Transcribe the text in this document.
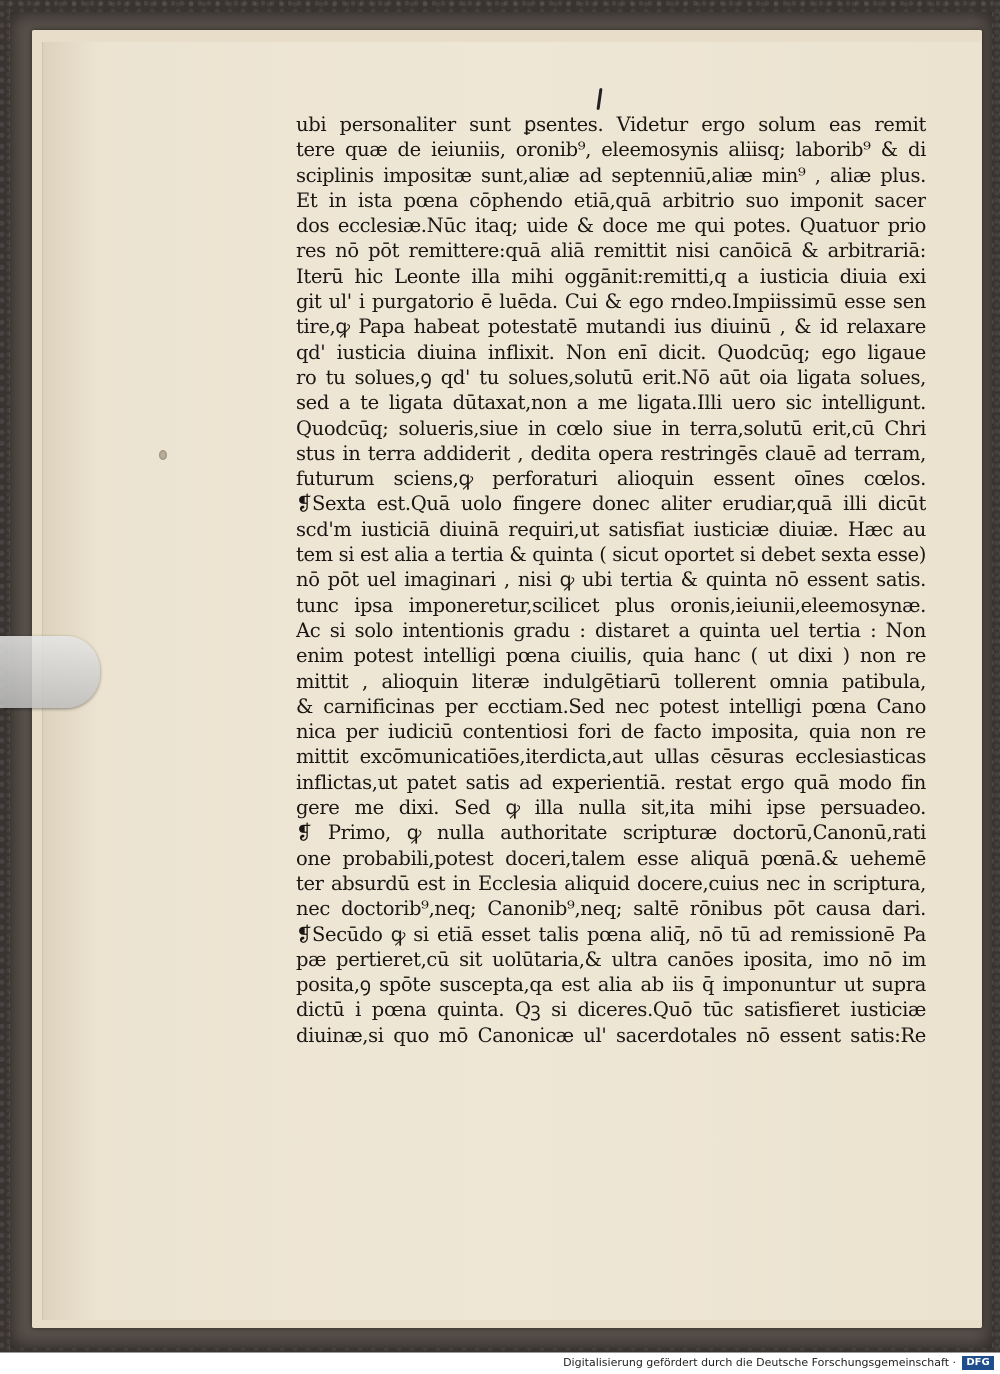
ubi personaliter sunt ꝑsentes. Videtur ergo solum eas remit
tere quæ de ieiuniis, oronib⁹, eleemosynis aliisq; laborib⁹ & di
sciplinis impositæ sunt,aliæ ad septenniū,aliæ min⁹ , aliæ plus.
Et in ista pœna cōphendo etiā,quā arbitrio suo imponit sacer
dos ecclesiæ.Nūc itaq; uide & doce me qui potes. Quatuor prio
res nō pōt remittere:quā aliā remittit nisi canōicā & arbitrariā:
Iterū hic Leonte illa mihi oggānit:remitti,q a iusticia diuia exi
git ul' i purgatorio ē luēda. Cui & ego rndeo.Impiissimū esse sen
tire,ꝙ Papa habeat potestatē mutandi ius diuinū , & id relaxare
qd' iusticia diuina inflixit. Non enī dicit. Quodcūq; ego ligaue
ro tu solues,ꝯ qd' tu solues,solutū erit.Nō aūt oia ligata solues,
sed a te ligata dūtaxat,non a me ligata.Illi uero sic intelligunt.
Quodcūq; solueris,siue in cœlo siue in terra,solutū erit,cū Chri
stus in terra addiderit , dedita opera restringēs clauē ad terram,
futurum sciens,ꝙ perforaturi alioquin essent oīnes cœlos.
❡Sexta est.Quā uolo fingere donec aliter erudiar,quā illi dicūt
scd'm iusticiā diuinā requiri,ut satisfiat iusticiæ diuiæ. Hæc au
tem si est alia a tertia & quinta ( sicut oportet si debet sexta esse)
nō pōt uel imaginari , nisi ꝙ ubi tertia & quinta nō essent satis.
tunc ipsa imponeretur,scilicet plus oronis,ieiunii,eleemosynæ.
Ac si solo intentionis gradu : distaret a quinta uel tertia : Non
enim potest intelligi pœna ciuilis, quia hanc ( ut dixi ) non re
mittit , alioquin literæ indulgētiarū tollerent omnia patibula,
& carnificinas per ecctiam.Sed nec potest intelligi pœna Cano
nica per iudiciū contentiosi fori de facto imposita, quia non re
mittit excōmunicatiōes,iterdicta,aut ullas cēsuras ecclesiasticas
inflictas,ut patet satis ad experientiā. restat ergo quā modo fin
gere me dixi. Sed ꝙ illa nulla sit,ita mihi ipse persuadeo.
❡ Primo, ꝙ nulla authoritate scripturæ doctorū,Canonū,rati
one probabili,potest doceri,talem esse aliquā pœnā.& uehemē
ter absurdū est in Ecclesia aliquid docere,cuius nec in scriptura,
nec doctorib⁹,neq; Canonib⁹,neq; saltē rōnibus pōt causa dari.
❡Secūdo ꝙ si etiā esset talis pœna aliq̄, nō tū ad remissionē Pa
pæ pertieret,cū sit uolūtaria,& ultra canōes iposita, imo nō im
posita,ꝯ spōte suscepta,qa est alia ab iis q̄ imponuntur ut supra
dictū i pœna quinta. Qꝫ si diceres.Quō tūc satisfieret iusticiæ
diuinæ,si quo mō Canonicæ ul' sacerdotales nō essent satis:Re
Digitalisierung gefördert durch die Deutsche Forschungsgemeinschaft ·	DFG
